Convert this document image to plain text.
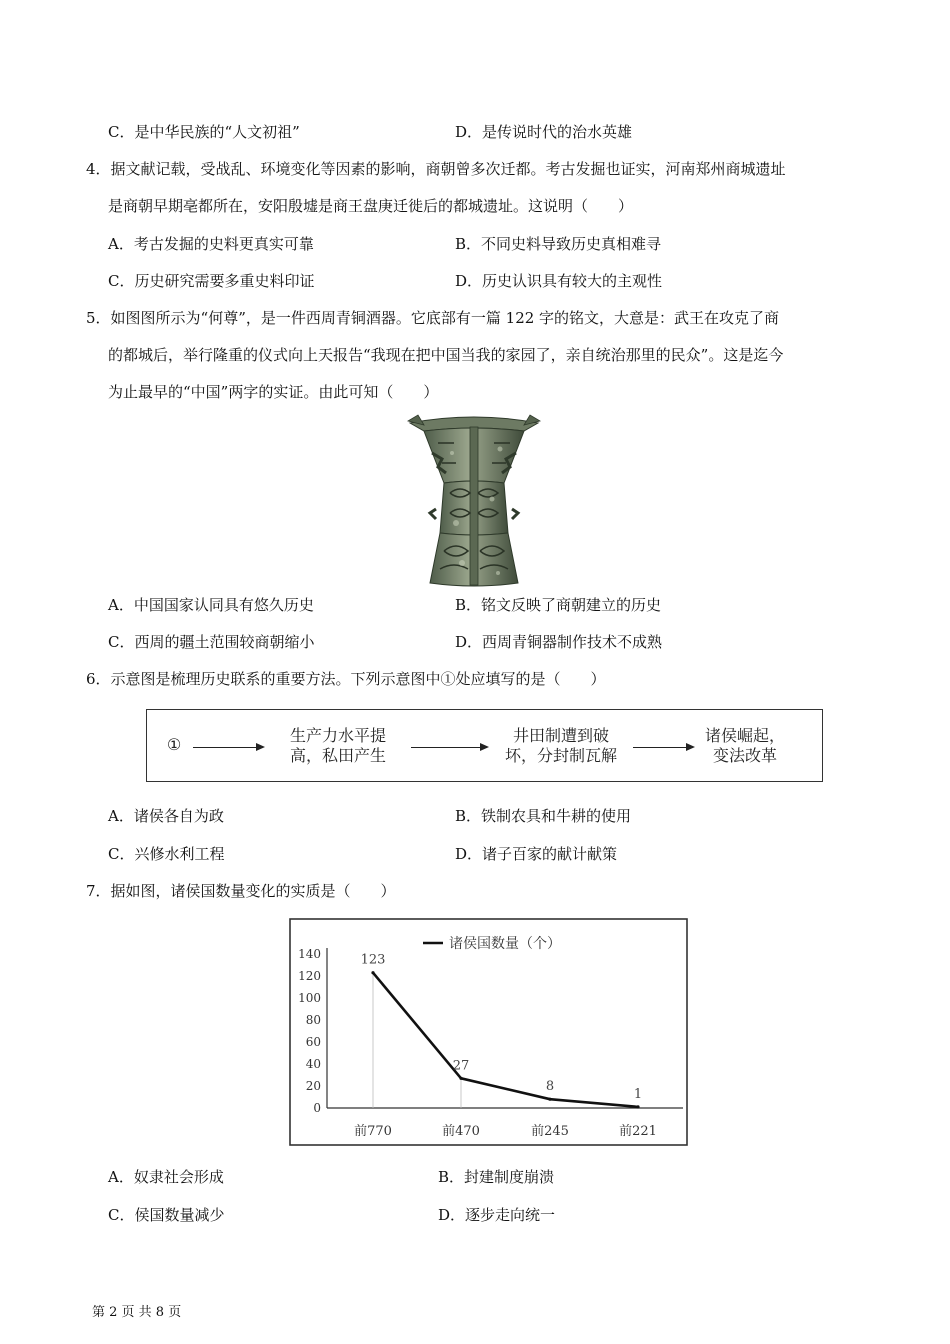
C．是中华民族的“人文初祖”	D．是传说时代的治水英雄
4．据文献记载，受战乱、环境变化等因素的影响，商朝曾多次迁都。考古发掘也证实，河南郑州商城遗址
是商朝早期亳都所在，安阳殷墟是商王盘庚迁徙后的都城遗址。这说明（　　）
A．考古发掘的史料更真实可靠	B．不同史料导致历史真相难寻
C．历史研究需要多重史料印证	D．历史认识具有较大的主观性
5．如图图所示为“何尊”，是一件西周青铜酒器。它底部有一篇 122 字的铭文，大意是：武王在攻克了商
的都城后，举行隆重的仪式向上天报告“我现在把中国当我的家园了，亲自统治那里的民众”。这是迄今
为止最早的“中国”两字的实证。由此可知（　　）
A．中国国家认同具有悠久历史	B．铭文反映了商朝建立的历史
C．西周的疆土范围较商朝缩小	D．西周青铜器制作技术不成熟
6．示意图是梳理历史联系的重要方法。下列示意图中①处应填写的是（　　）
①	生产力水平提
高，私田产生
井田制遭到破
坏，分封制瓦解
诸侯崛起，
变法改革
A．诸侯各自为政	B．铁制农具和牛耕的使用
C．兴修水利工程	D．诸子百家的献计献策
7．据如图，诸侯国数量变化的实质是（　　）
0
20
40
60
80
100
120
140
前770	前470	前245	前221
123
27
8
1
诸侯国数量（个）
A．奴隶社会形成	B．封建制度崩溃
C．侯国数量减少	D．逐步走向统一
第 2 页 共 8 页
